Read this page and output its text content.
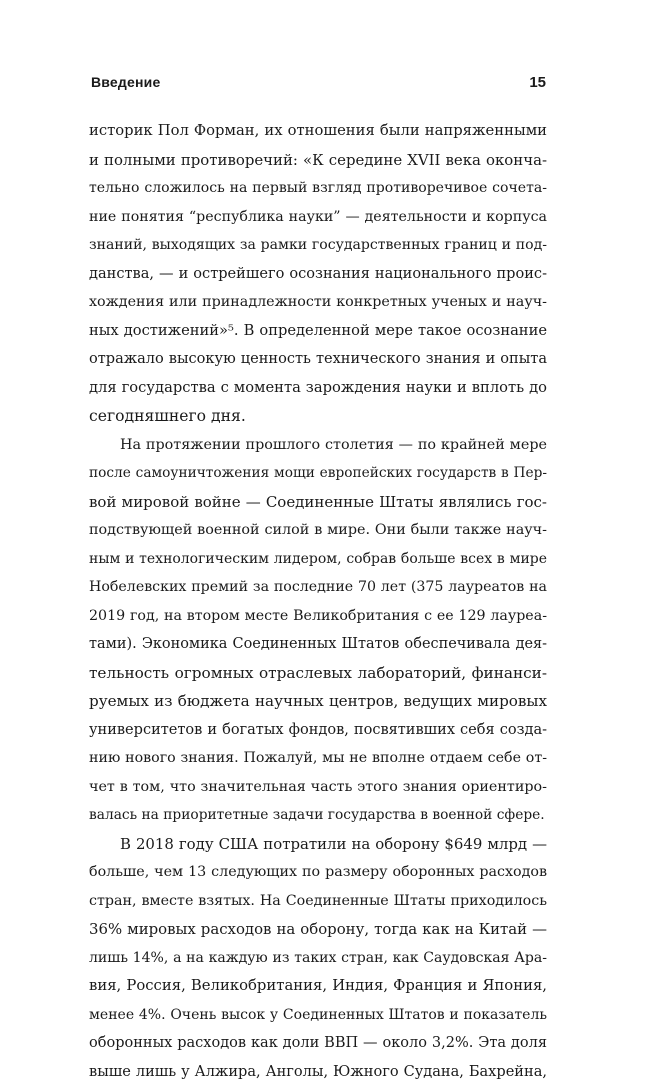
Введение	15

историк Пол Форман, их отношения были напряженными
и полными противоречий: «К середине XVII века оконча-
тельно сложилось на первый взгляд противоречивое сочета-
ние понятия “республика науки” — деятельности и корпуса
знаний, выходящих за рамки государственных границ и под-
данства, — и острейшего осознания национального проис-
хождения или принадлежности конкретных ученых и науч-
ных достижений»⁵. В определенной мере такое осознание
отражало высокую ценность технического знания и опыта
для государства с момента зарождения науки и вплоть до
сегодняшнего дня.

На протяжении прошлого столетия — по крайней мере
после самоуничтожения мощи европейских государств в Пер-
вой мировой войне — Соединенные Штаты являлись гос-
подствующей военной силой в мире. Они были также науч-
ным и технологическим лидером, собрав больше всех в мире
Нобелевских премий за последние 70 лет (375 лауреатов на
2019 год, на втором месте Великобритания с ее 129 лауреа-
тами). Экономика Соединенных Штатов обеспечивала дея-
тельность огромных отраслевых лабораторий, финанси-
руемых из бюджета научных центров, ведущих мировых
университетов и богатых фондов, посвятивших себя созда-
нию нового знания. Пожалуй, мы не вполне отдаем себе от-
чет в том, что значительная часть этого знания ориентиро-
валась на приоритетные задачи государства в военной сфере.

В 2018 году США потратили на оборону $649 млрд —
больше, чем 13 следующих по размеру оборонных расходов
стран, вместе взятых. На Соединенные Штаты приходилось
36% мировых расходов на оборону, тогда как на Китай —
лишь 14%, а на каждую из таких стран, как Саудовская Ара-
вия, Россия, Великобритания, Индия, Франция и Япония,
менее 4%. Очень высок у Соединенных Штатов и показатель
оборонных расходов как доли ВВП — около 3,2%. Эта доля
выше лишь у Алжира, Анголы, Южного Судана, Бахрейна,
